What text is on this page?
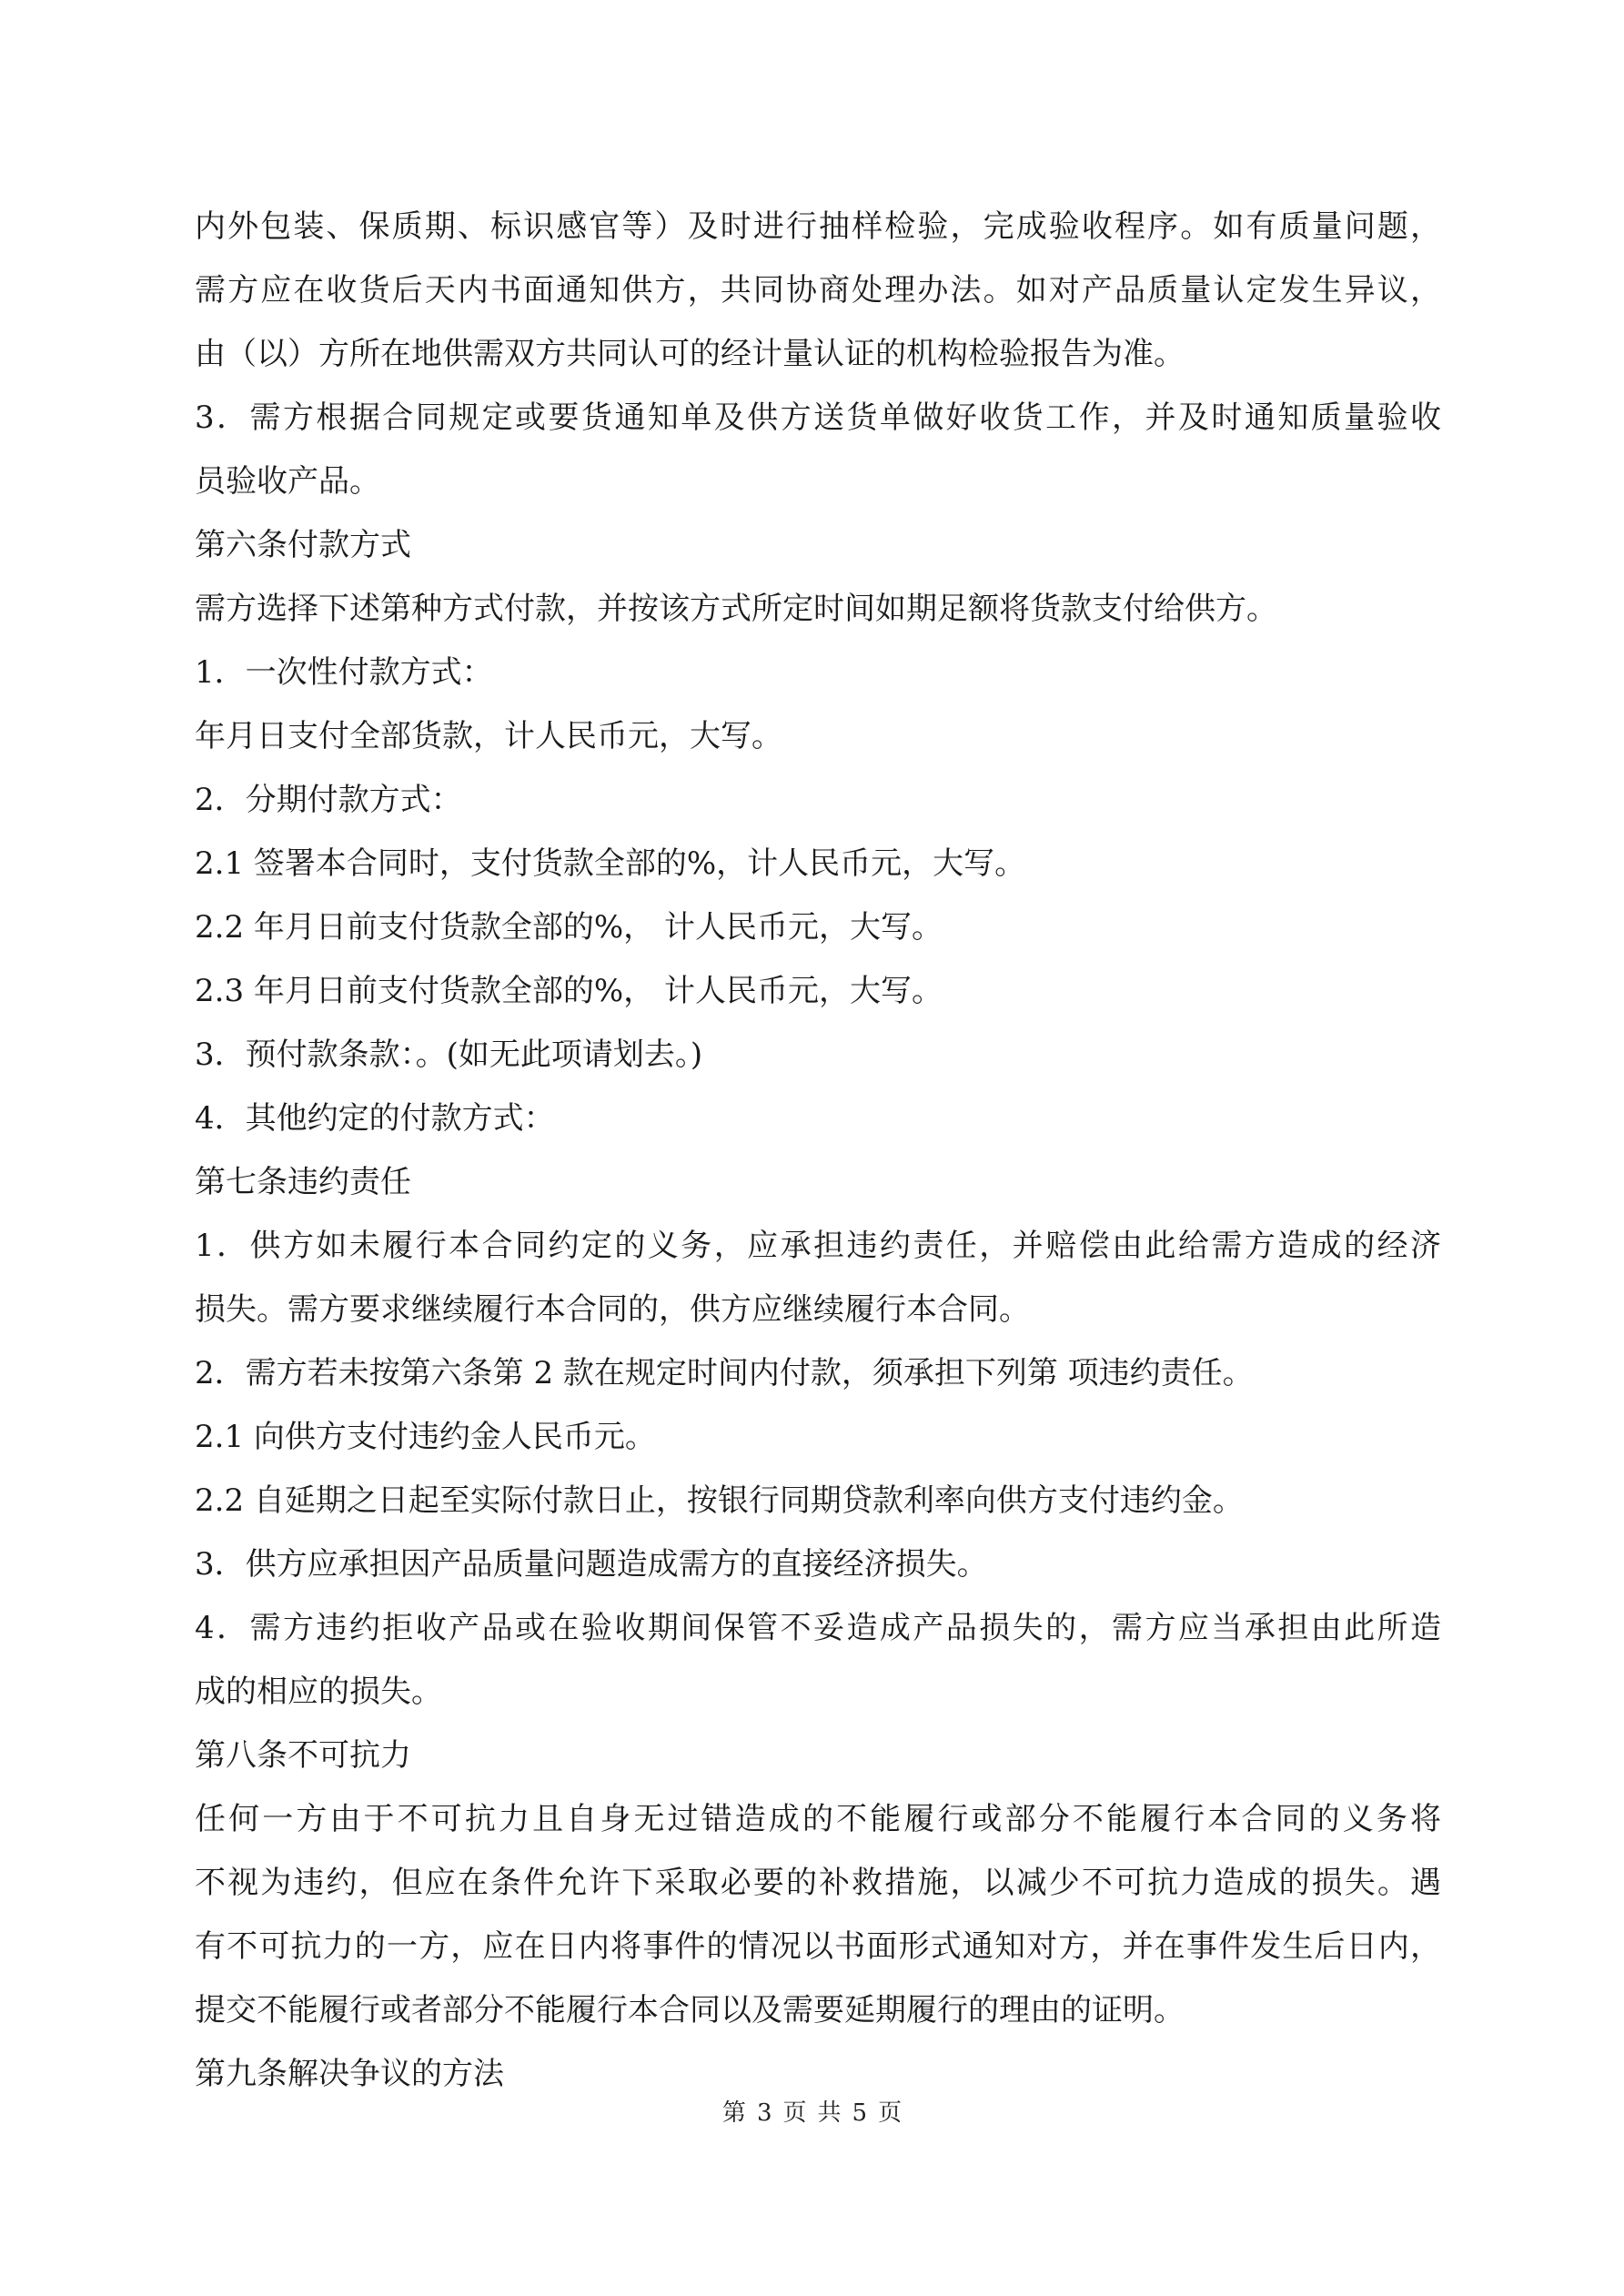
内外包装、保质期、标识感官等）及时进行抽样检验，完成验收程序。如有质量问题，
需方应在收货后天内书面通知供方，共同协商处理办法。如对产品质量认定发生异议，
由（以）方所在地供需双方共同认可的经计量认证的机构检验报告为准。
3．需方根据合同规定或要货通知单及供方送货单做好收货工作，并及时通知质量验收
员验收产品。
第六条付款方式
需方选择下述第种方式付款，并按该方式所定时间如期足额将货款支付给供方。
1．一次性付款方式：
年月日支付全部货款，计人民币元，大写。
2．分期付款方式：
2.1 签署本合同时，支付货款全部的%，计人民币元，大写。
2.2 年月日前支付货款全部的%， 计人民币元，大写。
2.3 年月日前支付货款全部的%， 计人民币元，大写。
3．预付款条款：。(如无此项请划去。)
4．其他约定的付款方式：
第七条违约责任
1．供方如未履行本合同约定的义务，应承担违约责任，并赔偿由此给需方造成的经济
损失。需方要求继续履行本合同的，供方应继续履行本合同。
2．需方若未按第六条第 2 款在规定时间内付款，须承担下列第 项违约责任。
2.1 向供方支付违约金人民币元。
2.2 自延期之日起至实际付款日止，按银行同期贷款利率向供方支付违约金。
3．供方应承担因产品质量问题造成需方的直接经济损失。
4．需方违约拒收产品或在验收期间保管不妥造成产品损失的，需方应当承担由此所造
成的相应的损失。
第八条不可抗力
任何一方由于不可抗力且自身无过错造成的不能履行或部分不能履行本合同的义务将
不视为违约，但应在条件允许下采取必要的补救措施，以减少不可抗力造成的损失。遇
有不可抗力的一方，应在日内将事件的情况以书面形式通知对方，并在事件发生后日内，
提交不能履行或者部分不能履行本合同以及需要延期履行的理由的证明。
第九条解决争议的方法
第 3 页 共 5 页
